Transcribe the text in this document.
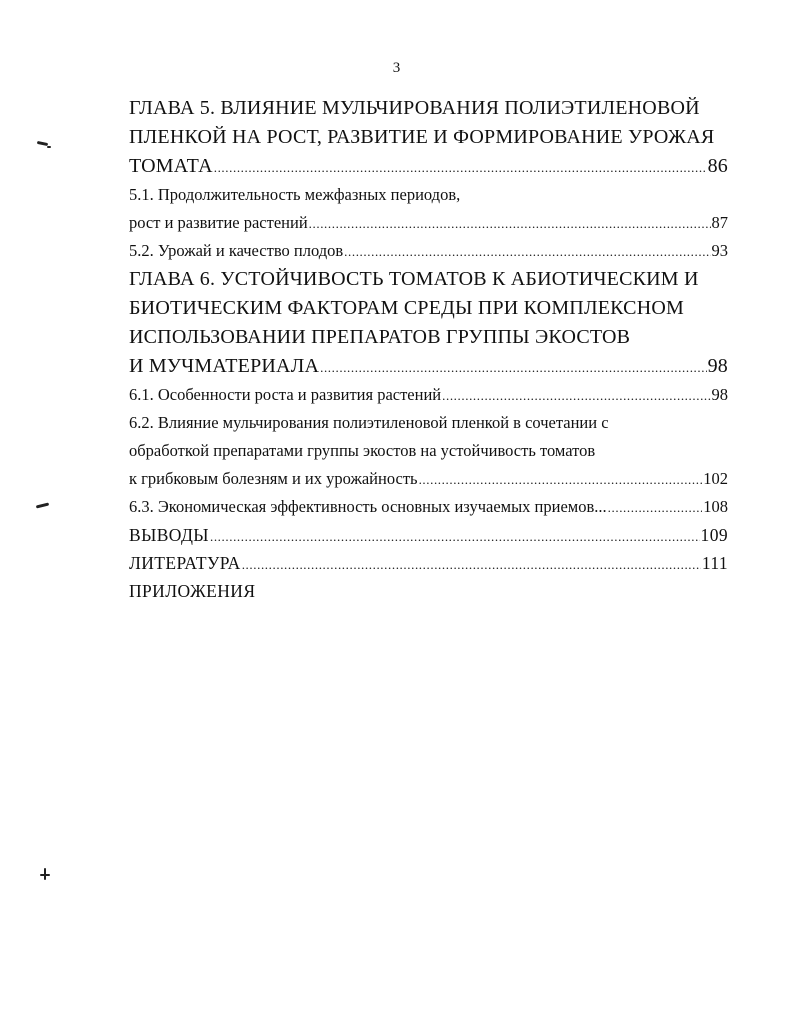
3
ГЛАВА 5. ВЛИЯНИЕ МУЛЬЧИРОВАНИЯ ПОЛИЭТИЛЕНОВОЙ
ПЛЕНКОЙ НА РОСТ, РАЗВИТИЕ И ФОРМИРОВАНИЕ УРОЖАЯ
ТОМАТА .....	86
5.1. Продолжительность межфазных периодов,
рост и развитие растений .....	87
5.2. Урожай и качество плодов .....	93
ГЛАВА 6. УСТОЙЧИВОСТЬ ТОМАТОВ К АБИОТИЧЕСКИМ И
БИОТИЧЕСКИМ ФАКТОРАМ СРЕДЫ ПРИ КОМПЛЕКСНОМ
ИСПОЛЬЗОВАНИИ ПРЕПАРАТОВ ГРУППЫ ЭКОСТОВ
И МУЧМАТЕРИАЛА .....	98
6.1. Особенности роста и развития растений .....	98
6.2. Влияние мульчирования полиэтиленовой пленкой в сочетании с
обработкой препаратами группы экостов на устойчивость томатов
к грибковым болезням и их урожайность .....	102
6.3. Экономическая эффективность основных изучаемых приемов... .....	108
ВЫВОДЫ .....	109
ЛИТЕРАТУРА .....	111
ПРИЛОЖЕНИЯ
